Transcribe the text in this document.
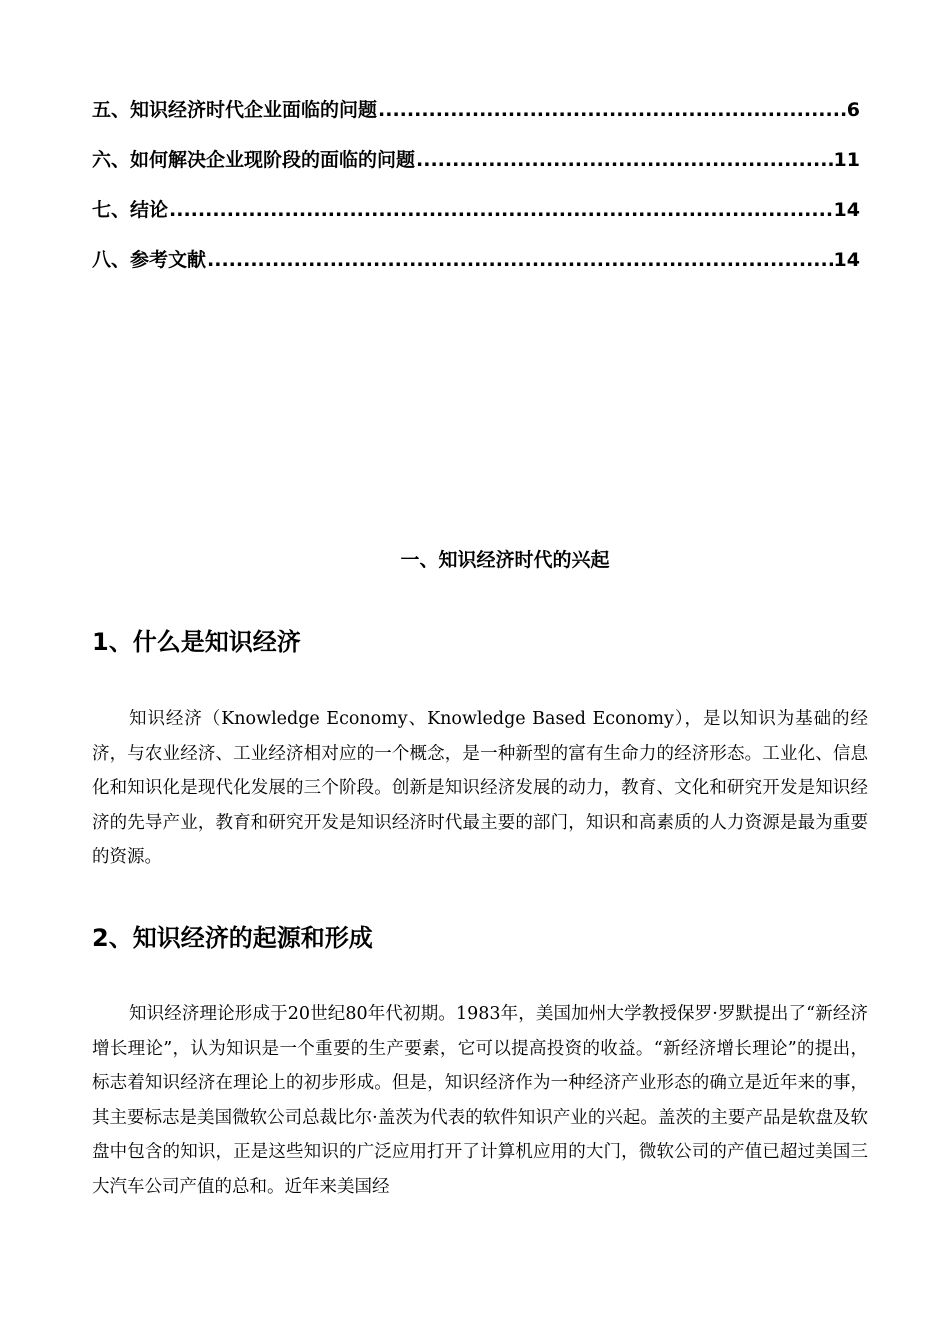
五、知识经济时代企业面临的问题 .....	6
六、如何解决企业现阶段的面临的问题 .....	11
七、结论 .....	14
八、参考文献 .....	14
一、知识经济时代的兴起
1、什么是知识经济
知识经济（Knowledge Economy、Knowledge Based Economy），是以知识为基础的经济，与农业经济、工业经济相对应的一个概念，是一种新型的富有生命力的经济形态。工业化、信息化和知识化是现代化发展的三个阶段。创新是知识经济发展的动力，教育、文化和研究开发是知识经济的先导产业，教育和研究开发是知识经济时代最主要的部门，知识和高素质的人力资源是最为重要的资源。
2、知识经济的起源和形成
知识经济理论形成于20世纪80年代初期。1983年，美国加州大学教授保罗·罗默提出了“新经济增长理论”，认为知识是一个重要的生产要素，它可以提高投资的收益。“新经济增长理论”的提出，标志着知识经济在理论上的初步形成。但是，知识经济作为一种经济产业形态的确立是近年来的事，其主要标志是美国微软公司总裁比尔·盖茨为代表的软件知识产业的兴起。盖茨的主要产品是软盘及软盘中包含的知识，正是这些知识的广泛应用打开了计算机应用的大门，微软公司的产值已超过美国三大汽车公司产值的总和。近年来美国经
